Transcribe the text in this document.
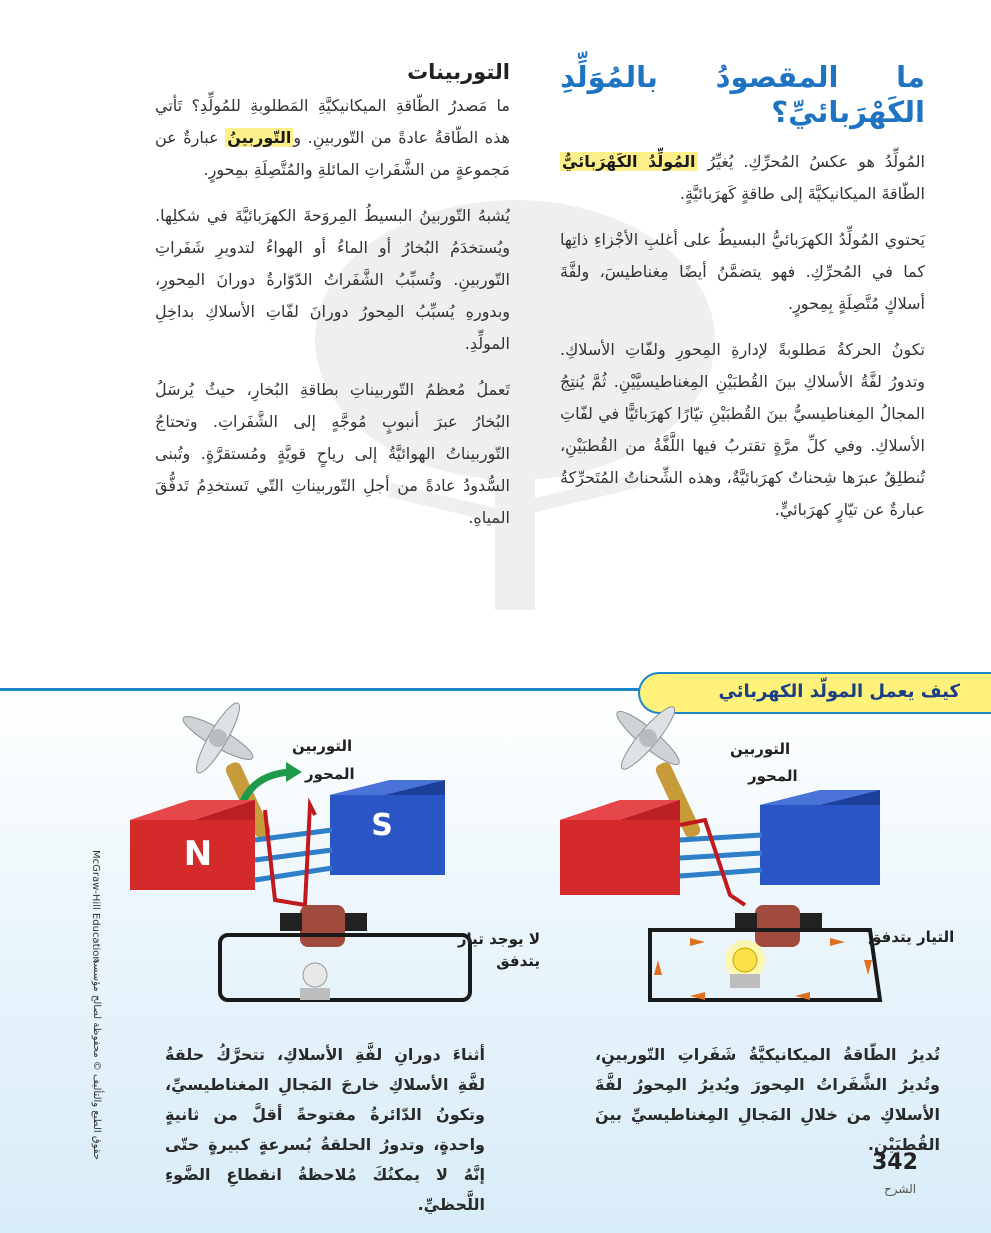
ما المقصودُ بالمُوَلِّدِ الكَهْرَبائيِّ؟

المُولِّدُ هو عكسُ المُحرِّكِ. يُغيِّرُ المُولِّدُ الكَهْرَبائيُّ الطّاقةَ الميكانيكيَّةَ إلى طاقةٍ كَهرَبائيَّةٍ.

يَحتوي المُولِّدُ الكهرَبائيُّ البسيطُ على أغلبِ الأجْزاءِ ذاتِها كما في المُحرِّكِ. فهو يتضمَّنُ أيضًا مِغناطيسَ، ولفَّةَ أسلاكٍ مُتَّصِلَةٍ بِمِحورٍ.

تكونُ الحركةُ مَطلوبةً لإدارةِ المِحورِ ولفّاتِ الأسلاكِ. وتدورُ لفَّةُ الأسلاكِ بينَ القُطبَيْنِ المِغناطيسيَّيْنِ. ثُمَّ يُنتِجُ المجالُ المِغناطيسيُّ بينَ القُطبَيْنِ تيّارًا كهرَبائيًّا في لفّاتِ الأسلاكِ. وفي كلِّ مرَّةٍ تقتربُ فيها اللَّفَّةُ من القُطبَيْنِ، تُنطلِقُ عبرَها شِحناتٌ كهرَبائيَّةٌ، وهذه الشِّحناتُ المُتَحرِّكةُ عبارةٌ عن تيّارٍ كهرَبائيٍّ.

التوربينات

ما مَصدرُ الطّاقةِ الميكانيكيَّةِ المَطلوبةِ للمُولِّدِ؟ تَأتي هذه الطّاقةُ عادةً من التّوربينِ. والتّوربينُ عبارةٌ عن مَجموعةٍ من الشَّفَراتِ المائلةِ والمُتَّصِلَةِ بمِحورٍ.

يُشبهُ التّوربينُ البسيطُ المِروَحةَ الكهرَبائيَّةَ في شكلِها. ويُستخدَمُ البُخارُ أو الماءُ أو الهواءُ لتدويرِ شَفَراتِ التّوربينِ. وتُسبِّبُ الشَّفَراتُ الدّوّارةُ دورانَ المِحورِ، وبدورهِ يُسبِّبُ المِحورُ دورانَ لفّاتِ الأسلاكِ بداخِلِ المولِّدِ.

تَعملُ مُعظمُ التّوربيناتِ بطاقةِ البُخارِ، حيثُ يُرسَلُ البُخارُ عبرَ أنبوبٍ مُوجَّهٍ إلى الشَّفَراتِ. وتحتاجُ التّوربيناتُ الهوائيَّةُ إلى رياحٍ قويَّةٍ ومُستقرَّةٍ. وتُبنى السُّدودُ عادةً من أجلِ التّوربيناتِ التّي تَستخدِمُ تَدفُّقَ المياهِ.

كيف يعمل المولّد الكهربائي
N
S
التوربين
المحور
لا يوجد تيار يتدفق
التوربين
المحور
التيار يتدفق
أثناءَ دورانِ لفَّةِ الأسلاكِ، تتحرَّكُ حلقةُ لفَّةِ الأسلاكِ خارجَ المَجالِ المغناطيسيِّ، وتكونُ الدّائرةُ مفتوحةً أقلَّ من ثانيةٍ واحدةٍ، وتدورُ الحلقةُ بُسرعةٍ كبيرةٍ حتّى إنَّهُ لا يمكنُكَ مُلاحظةُ انقطاعِ الضَّوءِ اللَّحظيِّ.
تُديرُ الطّاقةُ الميكانيكيَّةُ شَفَراتِ التّوربينِ، وتُديرُ الشَّفَراتُ المِحورَ ويُديرُ المِحورُ لفَّةَ الأسلاكِ من خلالِ المَجالِ المِغناطيسيِّ بينَ القُطبَيْنِ.
342
الشرح
McGraw-Hill Education
حقوق الطبع والتأليف © محفوظة لصالح مؤسسة
